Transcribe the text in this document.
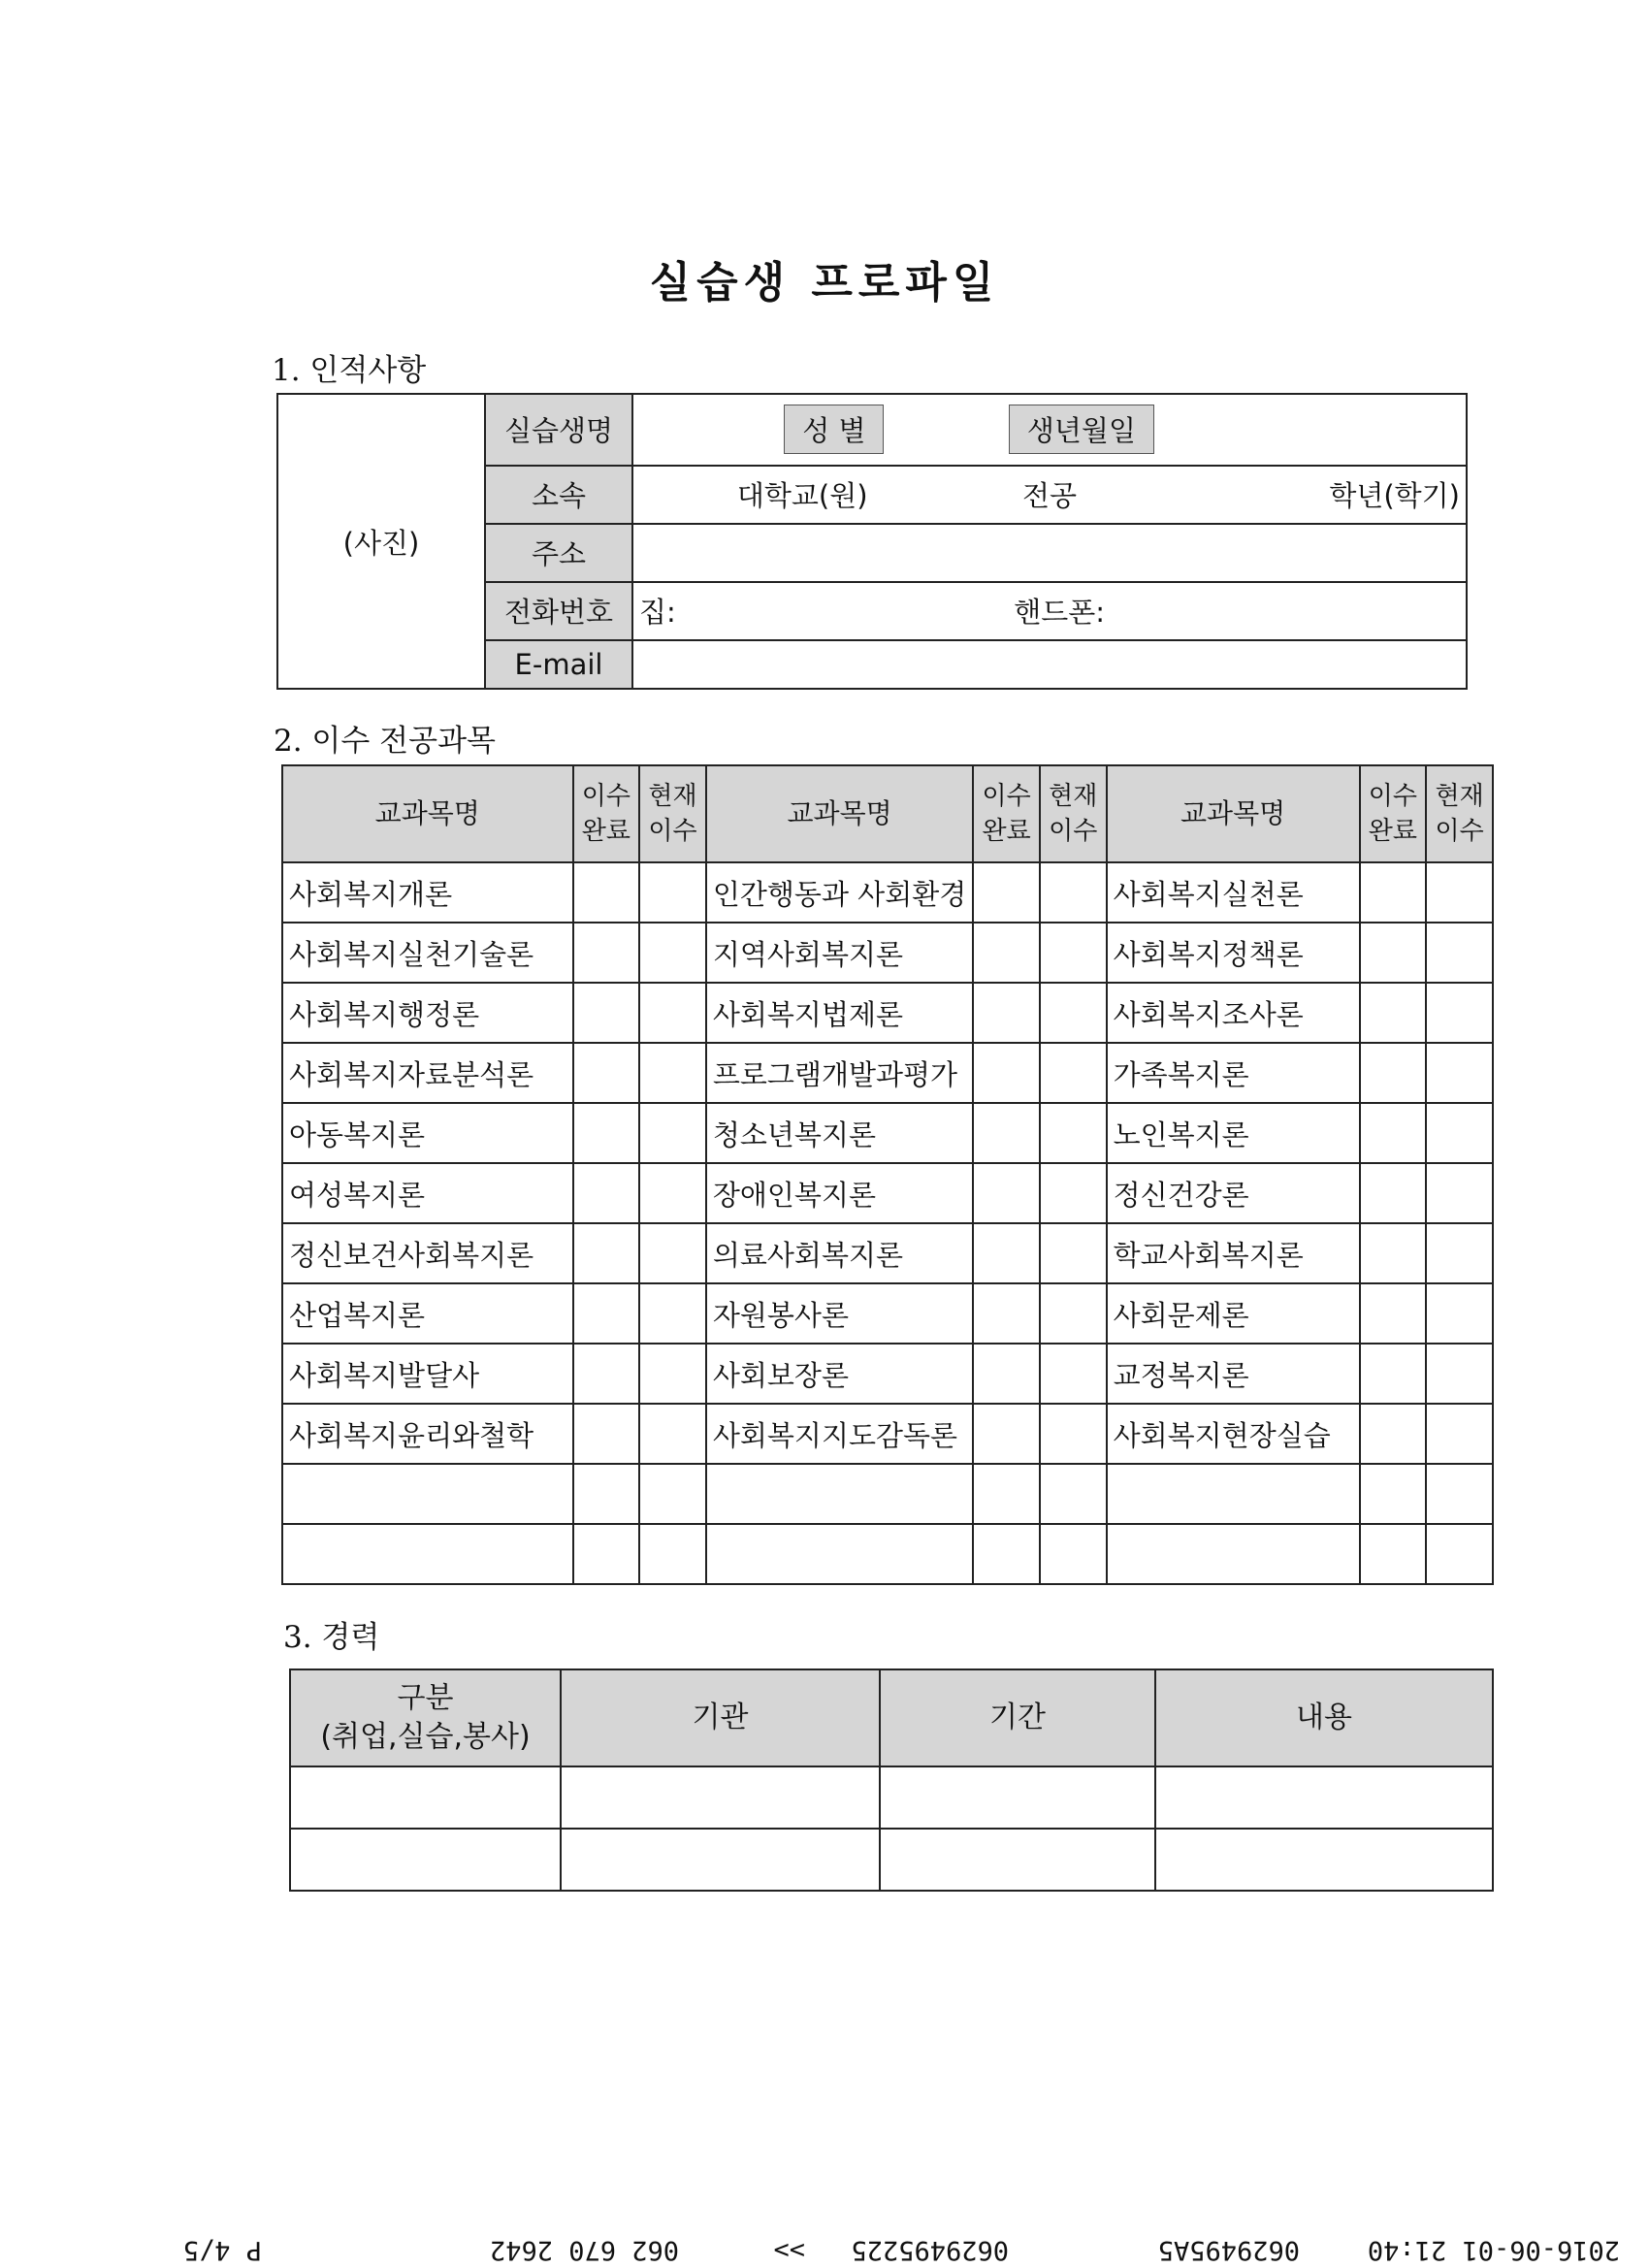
실습생 프로파일
1. 인적사항
(사진)	실습생명	성 별 생년월일		
	소속	대학교(원)	전공	학년(학기)
	주소			
	전화번호	집: 핸드폰:		
	E-mail			
2. 이수 전공과목
교과목명	이수 완료	현재 이수	교과목명	이수 완료	현재 이수	교과목명	이수 완료	현재 이수
사회복지개론			인간행동과 사회환경			사회복지실천론		
사회복지실천기술론			지역사회복지론			사회복지정책론		
사회복지행정론			사회복지법제론			사회복지조사론		
사회복지자료분석론			프로그램개발과평가			가족복지론		
아동복지론			청소년복지론			노인복지론		
여성복지론			장애인복지론			정신건강론		
정신보건사회복지론			의료사회복지론			학교사회복지론		
산업복지론			자원봉사론			사회문제론		
사회복지발달사			사회보장론			교정복지론		
사회복지윤리와철학			사회복지지도감독론			사회복지현장실습		

3. 경력
구분
(취업,실습,봉사)	기관	기간	내용

2016-06-01 21:40
0629495A5
0629495225
>>
062 670 2642
P 4/5
